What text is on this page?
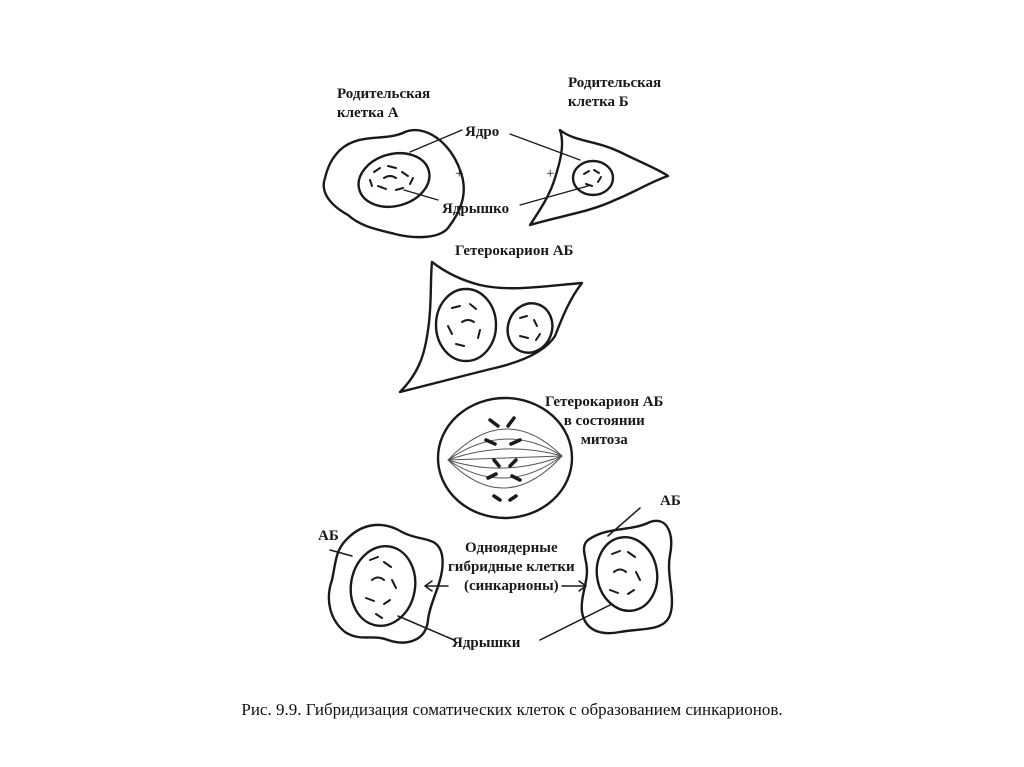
Родительская
клетка А
Родительская
клетка Б
Ядро
Ядрышко
+	+
Гетерокарион АБ
Гетерокарион АБ
в состоянии
митоза
АБ
АБ
Одноядерные
гибридные клетки
(синкарионы)
Ядрышки
Рис. 9.9. Гибридизация соматических клеток с образованием синкарионов.
